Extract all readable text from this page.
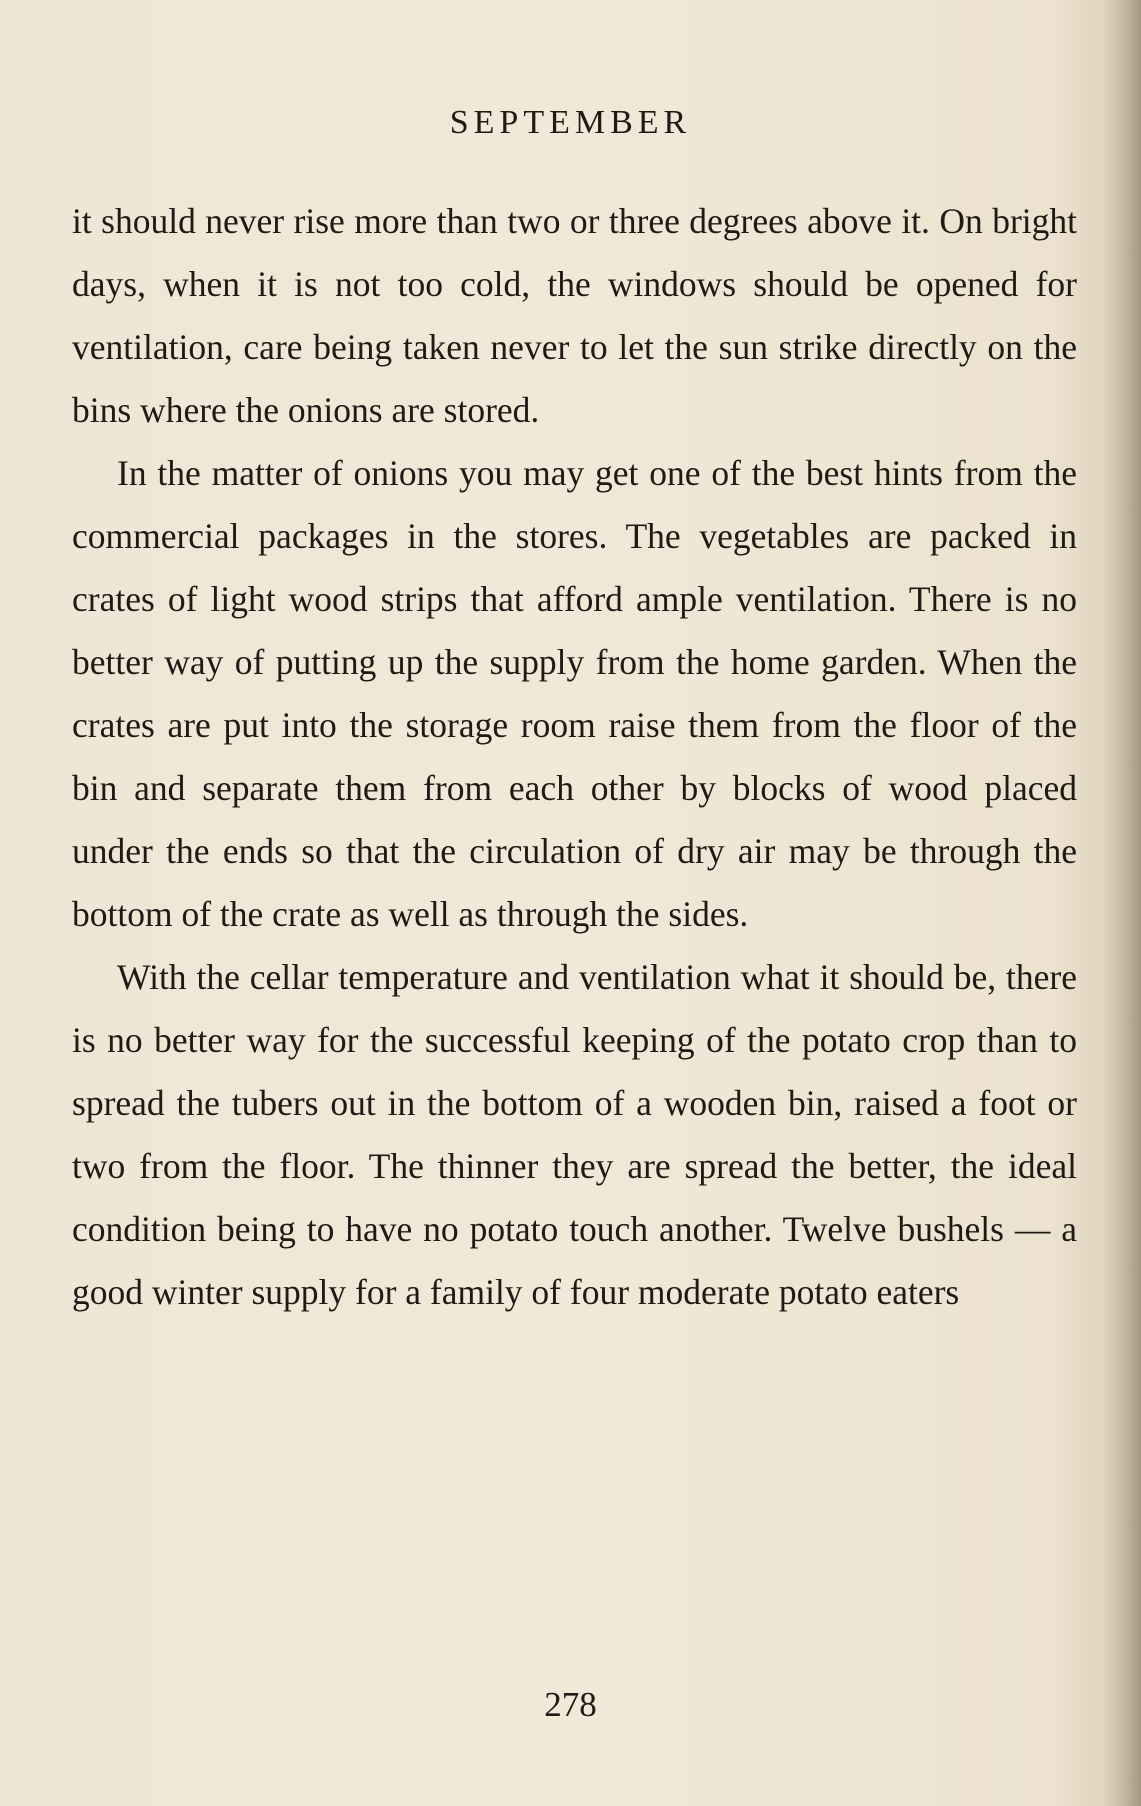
SEPTEMBER

it should never rise more than two or three degrees above it. On bright days, when it is not too cold, the windows should be opened for ventilation, care being taken never to let the sun strike directly on the bins where the onions are stored.

In the matter of onions you may get one of the best hints from the commercial packages in the stores. The vegetables are packed in crates of light wood strips that afford ample ventilation. There is no better way of putting up the supply from the home garden. When the crates are put into the storage room raise them from the floor of the bin and separate them from each other by blocks of wood placed under the ends so that the circulation of dry air may be through the bottom of the crate as well as through the sides.

With the cellar temperature and ventilation what it should be, there is no better way for the successful keeping of the potato crop than to spread the tubers out in the bottom of a wooden bin, raised a foot or two from the floor. The thinner they are spread the better, the ideal condition being to have no potato touch another. Twelve bushels — a good winter supply for a family of four moderate potato eaters

278
